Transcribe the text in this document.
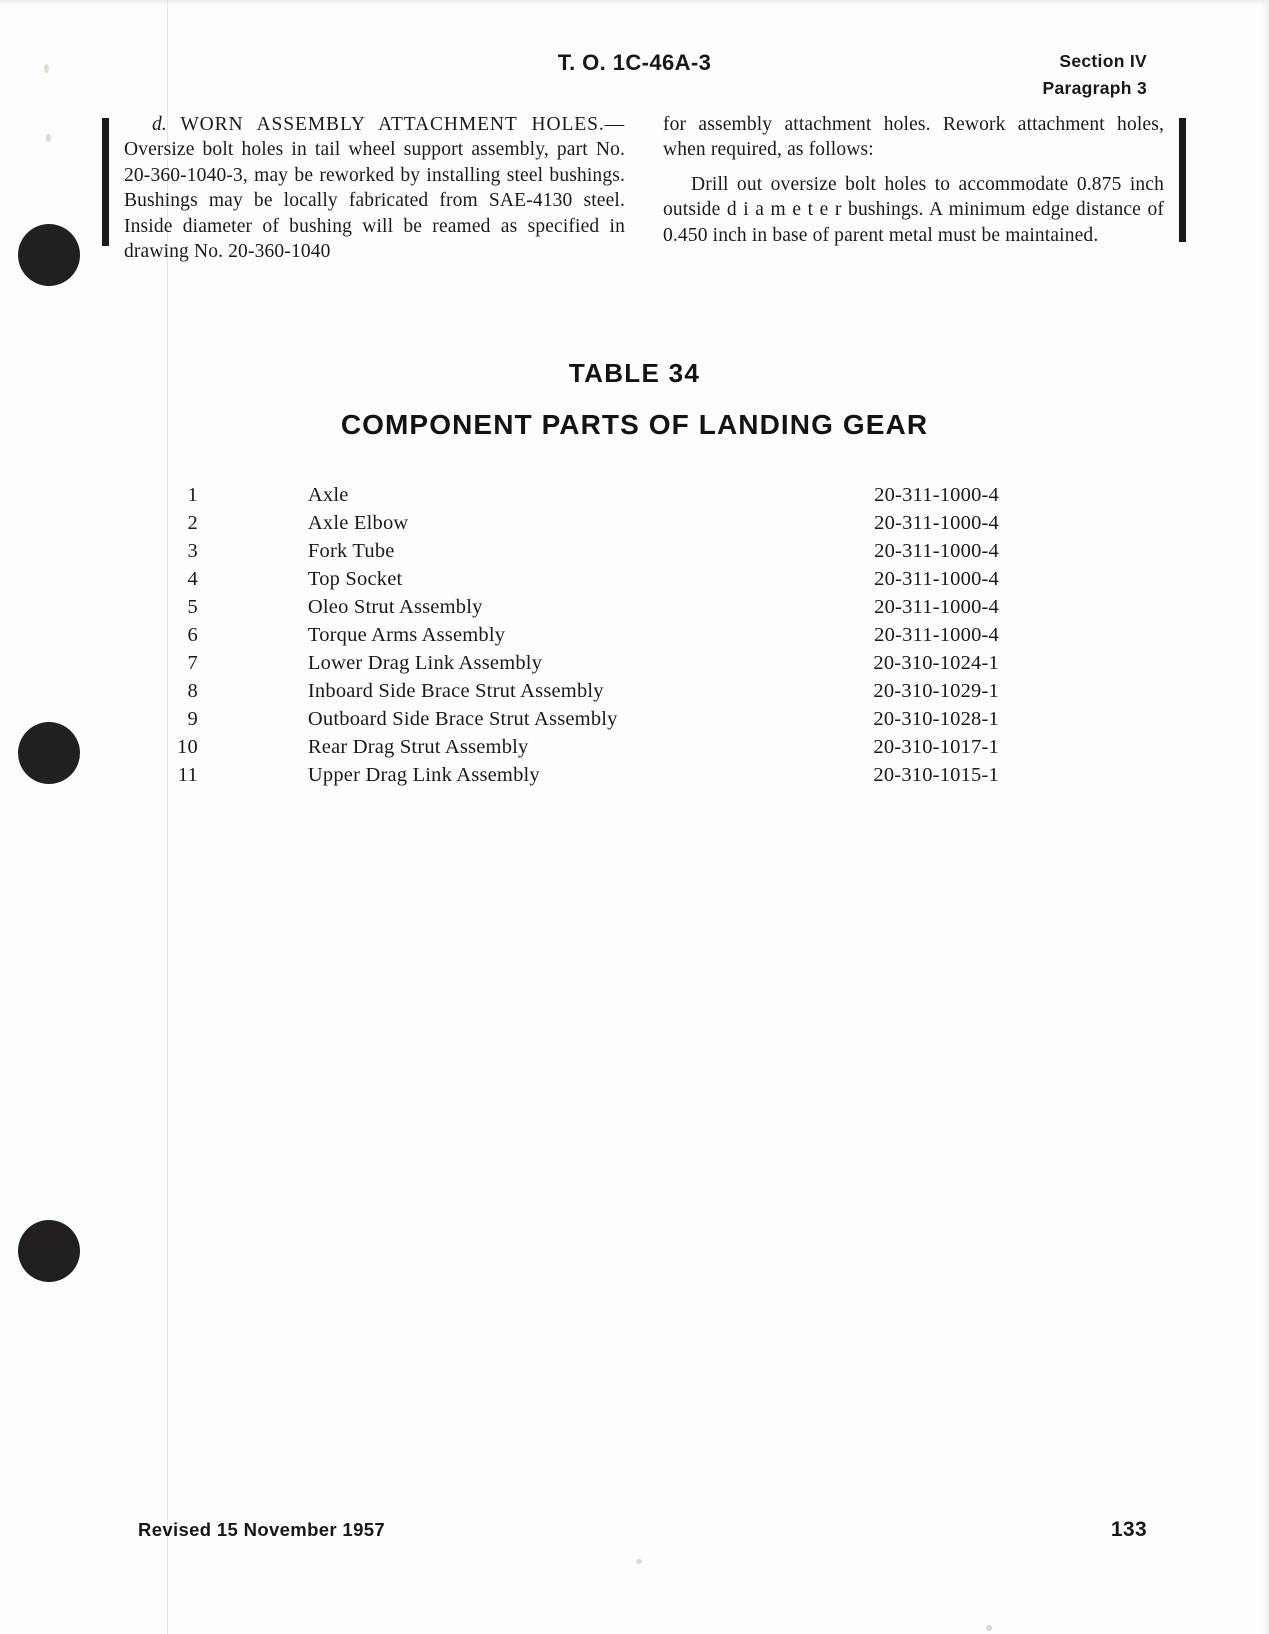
T. O. 1C-46A-3	Section IV
Paragraph 3

d. WORN ASSEMBLY ATTACHMENT HOLES.— Oversize bolt holes in tail wheel support assembly, part No. 20-360-1040-3, may be reworked by installing steel bushings. Bushings may be locally fabricated from SAE-4130 steel. Inside diameter of bushing will be reamed as specified in drawing No. 20-360-1040

for assembly attachment holes. Rework attachment holes, when required, as follows:

Drill out oversize bolt holes to accommodate 0.875 inch outside d i a m e t e r bushings. A minimum edge distance of 0.450 inch in base of parent metal must be maintained.

TABLE 34
COMPONENT PARTS OF LANDING GEAR
1	Axle	20-311-1000-4
2	Axle Elbow	20-311-1000-4
3	Fork Tube	20-311-1000-4
4	Top Socket	20-311-1000-4
5	Oleo Strut Assembly	20-311-1000-4
6	Torque Arms Assembly	20-311-1000-4
7	Lower Drag Link Assembly	20-310-1024-1
8	Inboard Side Brace Strut Assembly	20-310-1029-1
9	Outboard Side Brace Strut Assembly	20-310-1028-1
10	Rear Drag Strut Assembly	20-310-1017-1
11	Upper Drag Link Assembly	20-310-1015-1
Revised 15 November 1957	133
